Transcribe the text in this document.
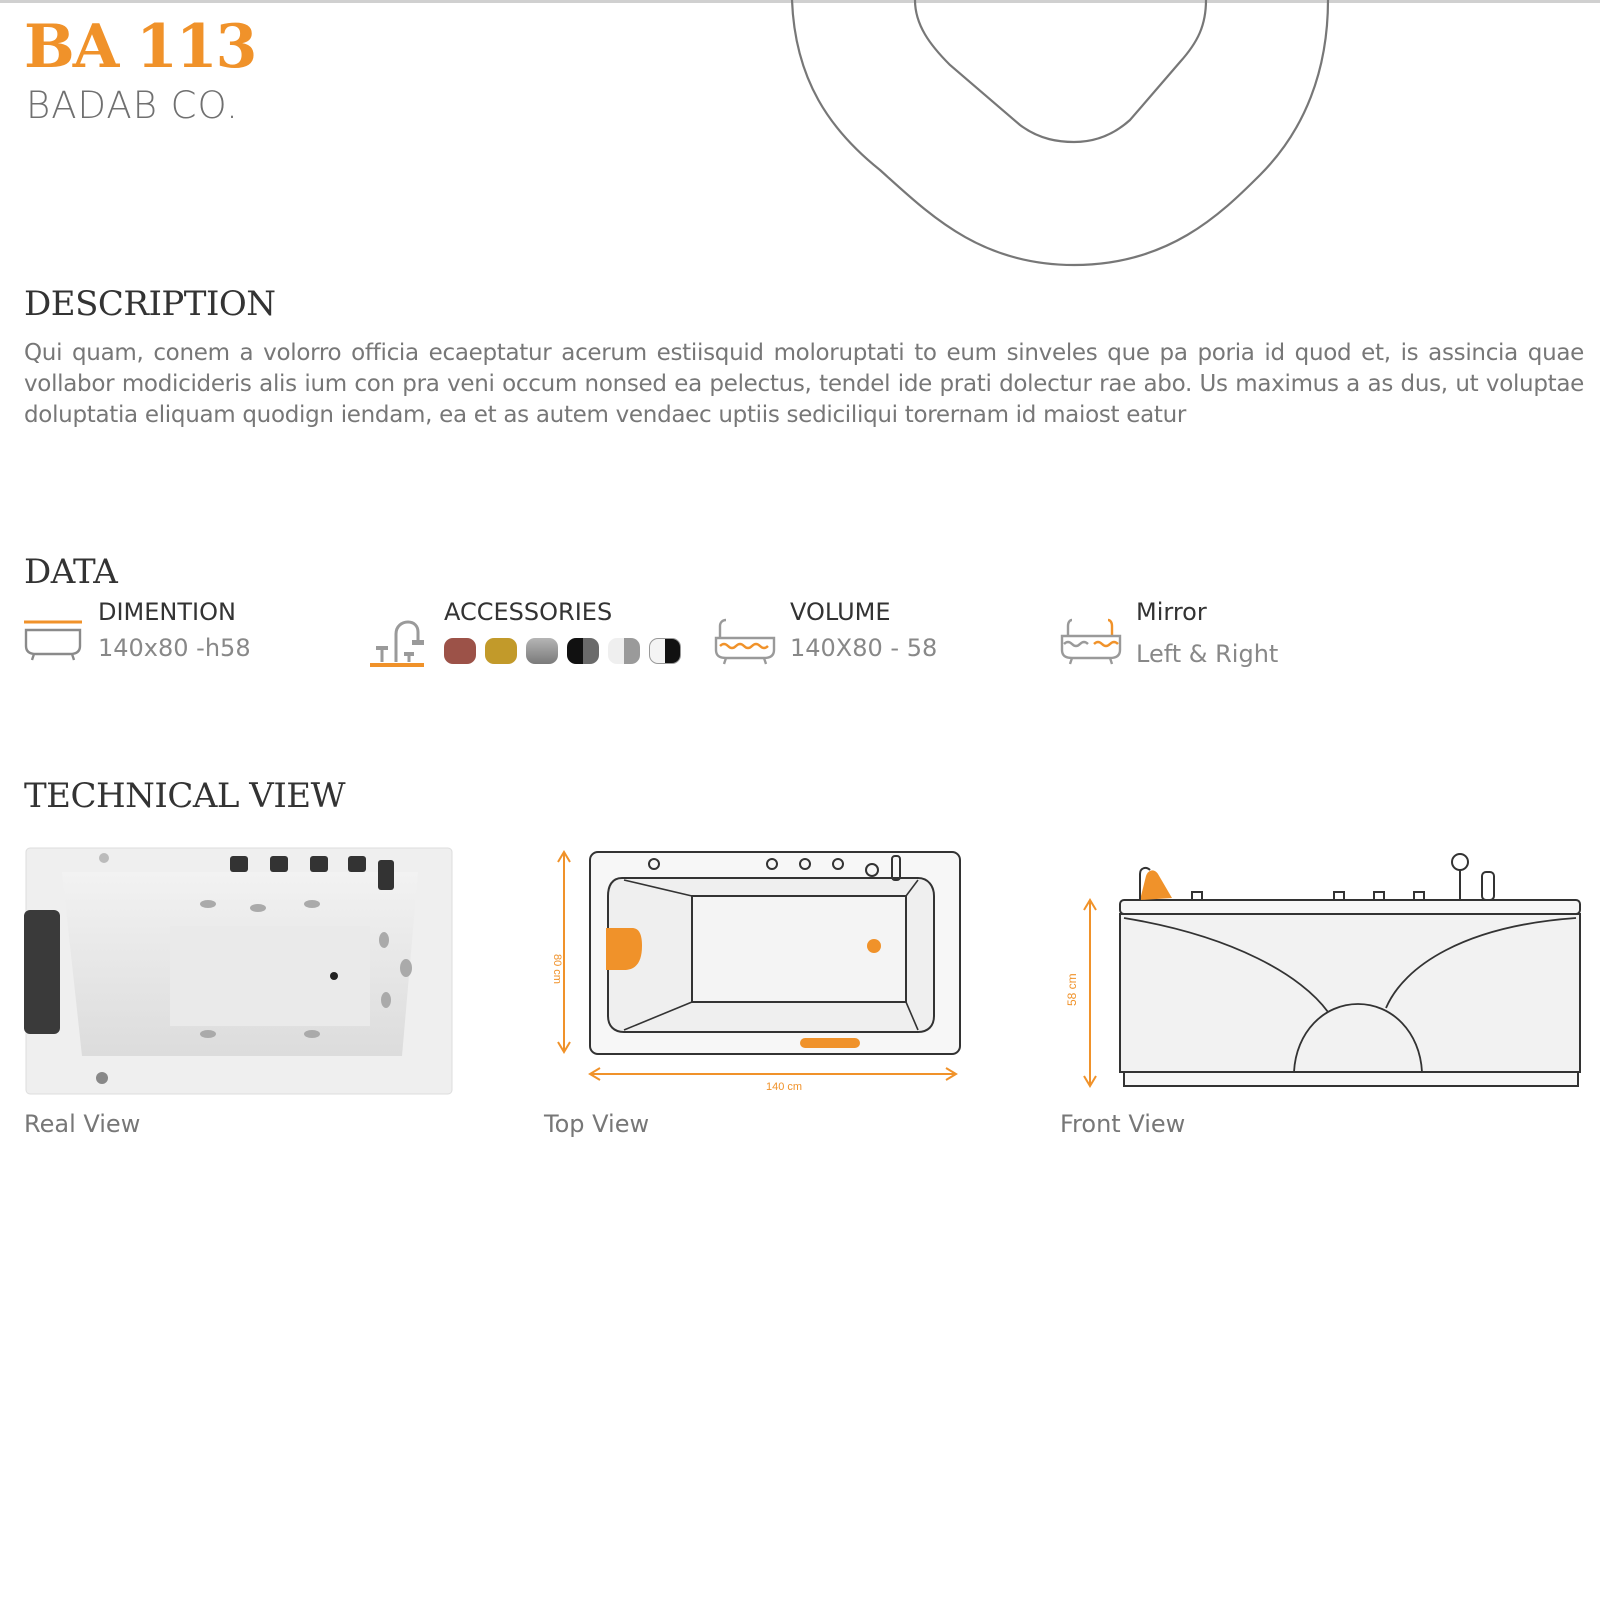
BA 113
BADAB CO.
DESCRIPTION
Qui quam, conem a volorro officia ecaeptatur acerum estiisquid moloruptati to eum sinveles que pa poria id quod et, is assincia quae vollabor modicideris alis ium con pra veni occum nonsed ea pelectus, tendel ide prati dolectur rae abo. Us maximus a as dus, ut voluptae doluptatia eliquam quodign iendam, ea et as autem vendaec uptiis sediciliqui torernam id maiost eatur
DATA
DIMENTION
140x80 -h58
ACCESSORIES	VOLUME
140X80 - 58
Mirror
Left & Right
TECHNICAL VIEW
Real View
80 cm
140 cm
Top View
58 cm
Front View
